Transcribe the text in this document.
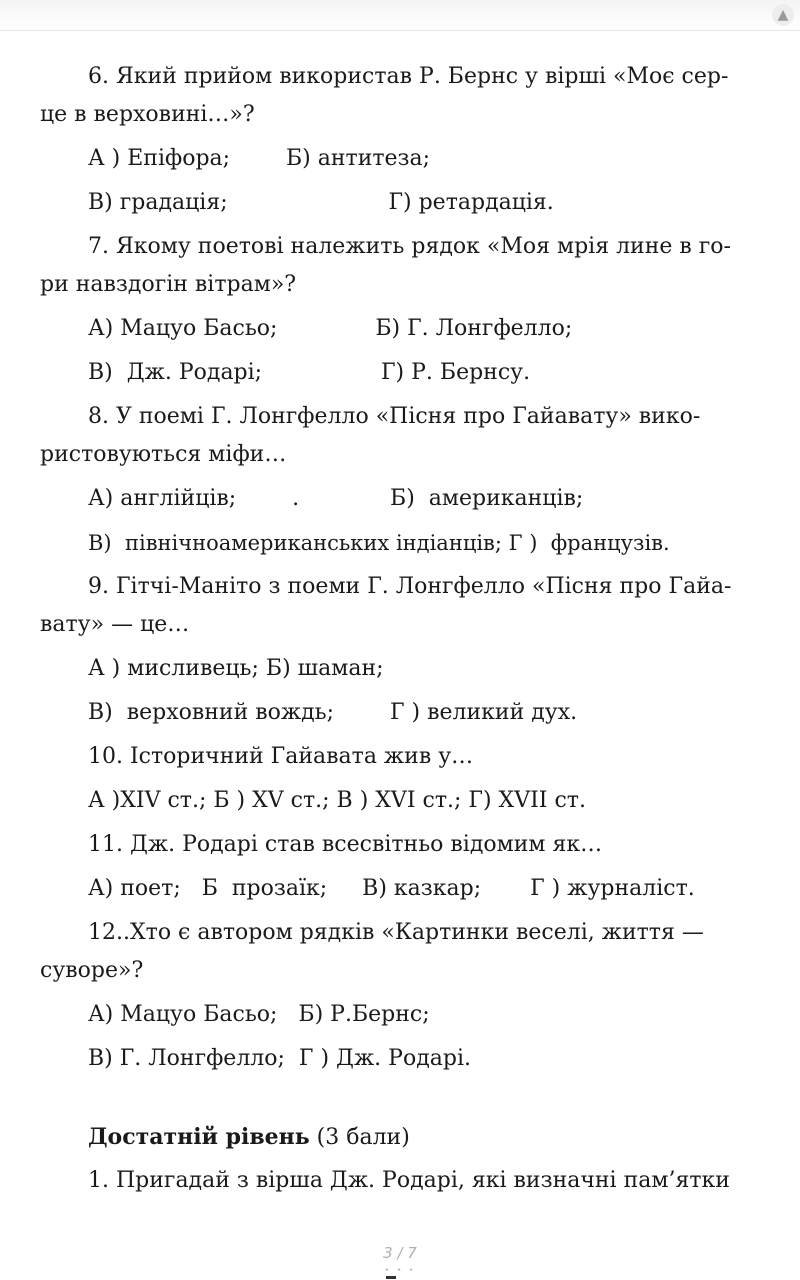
▲
6. Який прийом використав Р. Бернс у вірші «Моє сер-
це в верховині…»?
А ) Епіфора;        Б) антитеза;
В) градація;                       Г) ретардація.
7. Якому поетові належить рядок «Моя мрія лине в го-
ри навздогін вітрам»?
А) Мацуо Басьо;              Б) Г. Лонгфелло;
В)  Дж. Родарі;                 Г) Р. Бернсу.
8. У поемі Г. Лонгфелло «Пісня про Гайавату» вико-
ристовуються міфи…
А) англійців;        .             Б)  американців;
В)  північноамериканських індіанців; Г )  французів.
9. Гітчі-Маніто з поеми Г. Лонгфелло «Пісня про Гайа-
вату» — це…
А ) мисливець; Б) шаман;
В)  верховний вождь;        Г ) великий дух.
10. Історичний Гайавата жив у…
А )XIV ст.; Б ) XV ст.; В ) XVI ст.; Г) XVII ст.
11. Дж. Родарі став всесвітньо відомим як…
А) поет;   Б  прозаїк;     В) казкар;       Г ) журналіст.
12..Хто є автором рядків «Картинки веселі, життя —
суворе»?
А) Мацуо Басьо;   Б) Р.Бернс;
В) Г. Лонгфелло;  Г ) Дж. Родарі.
Достатній рівень (3 бали)
1. Пригадай з вірша Дж. Родарі, які визначні пам’ятки
3 / 7
• • •
